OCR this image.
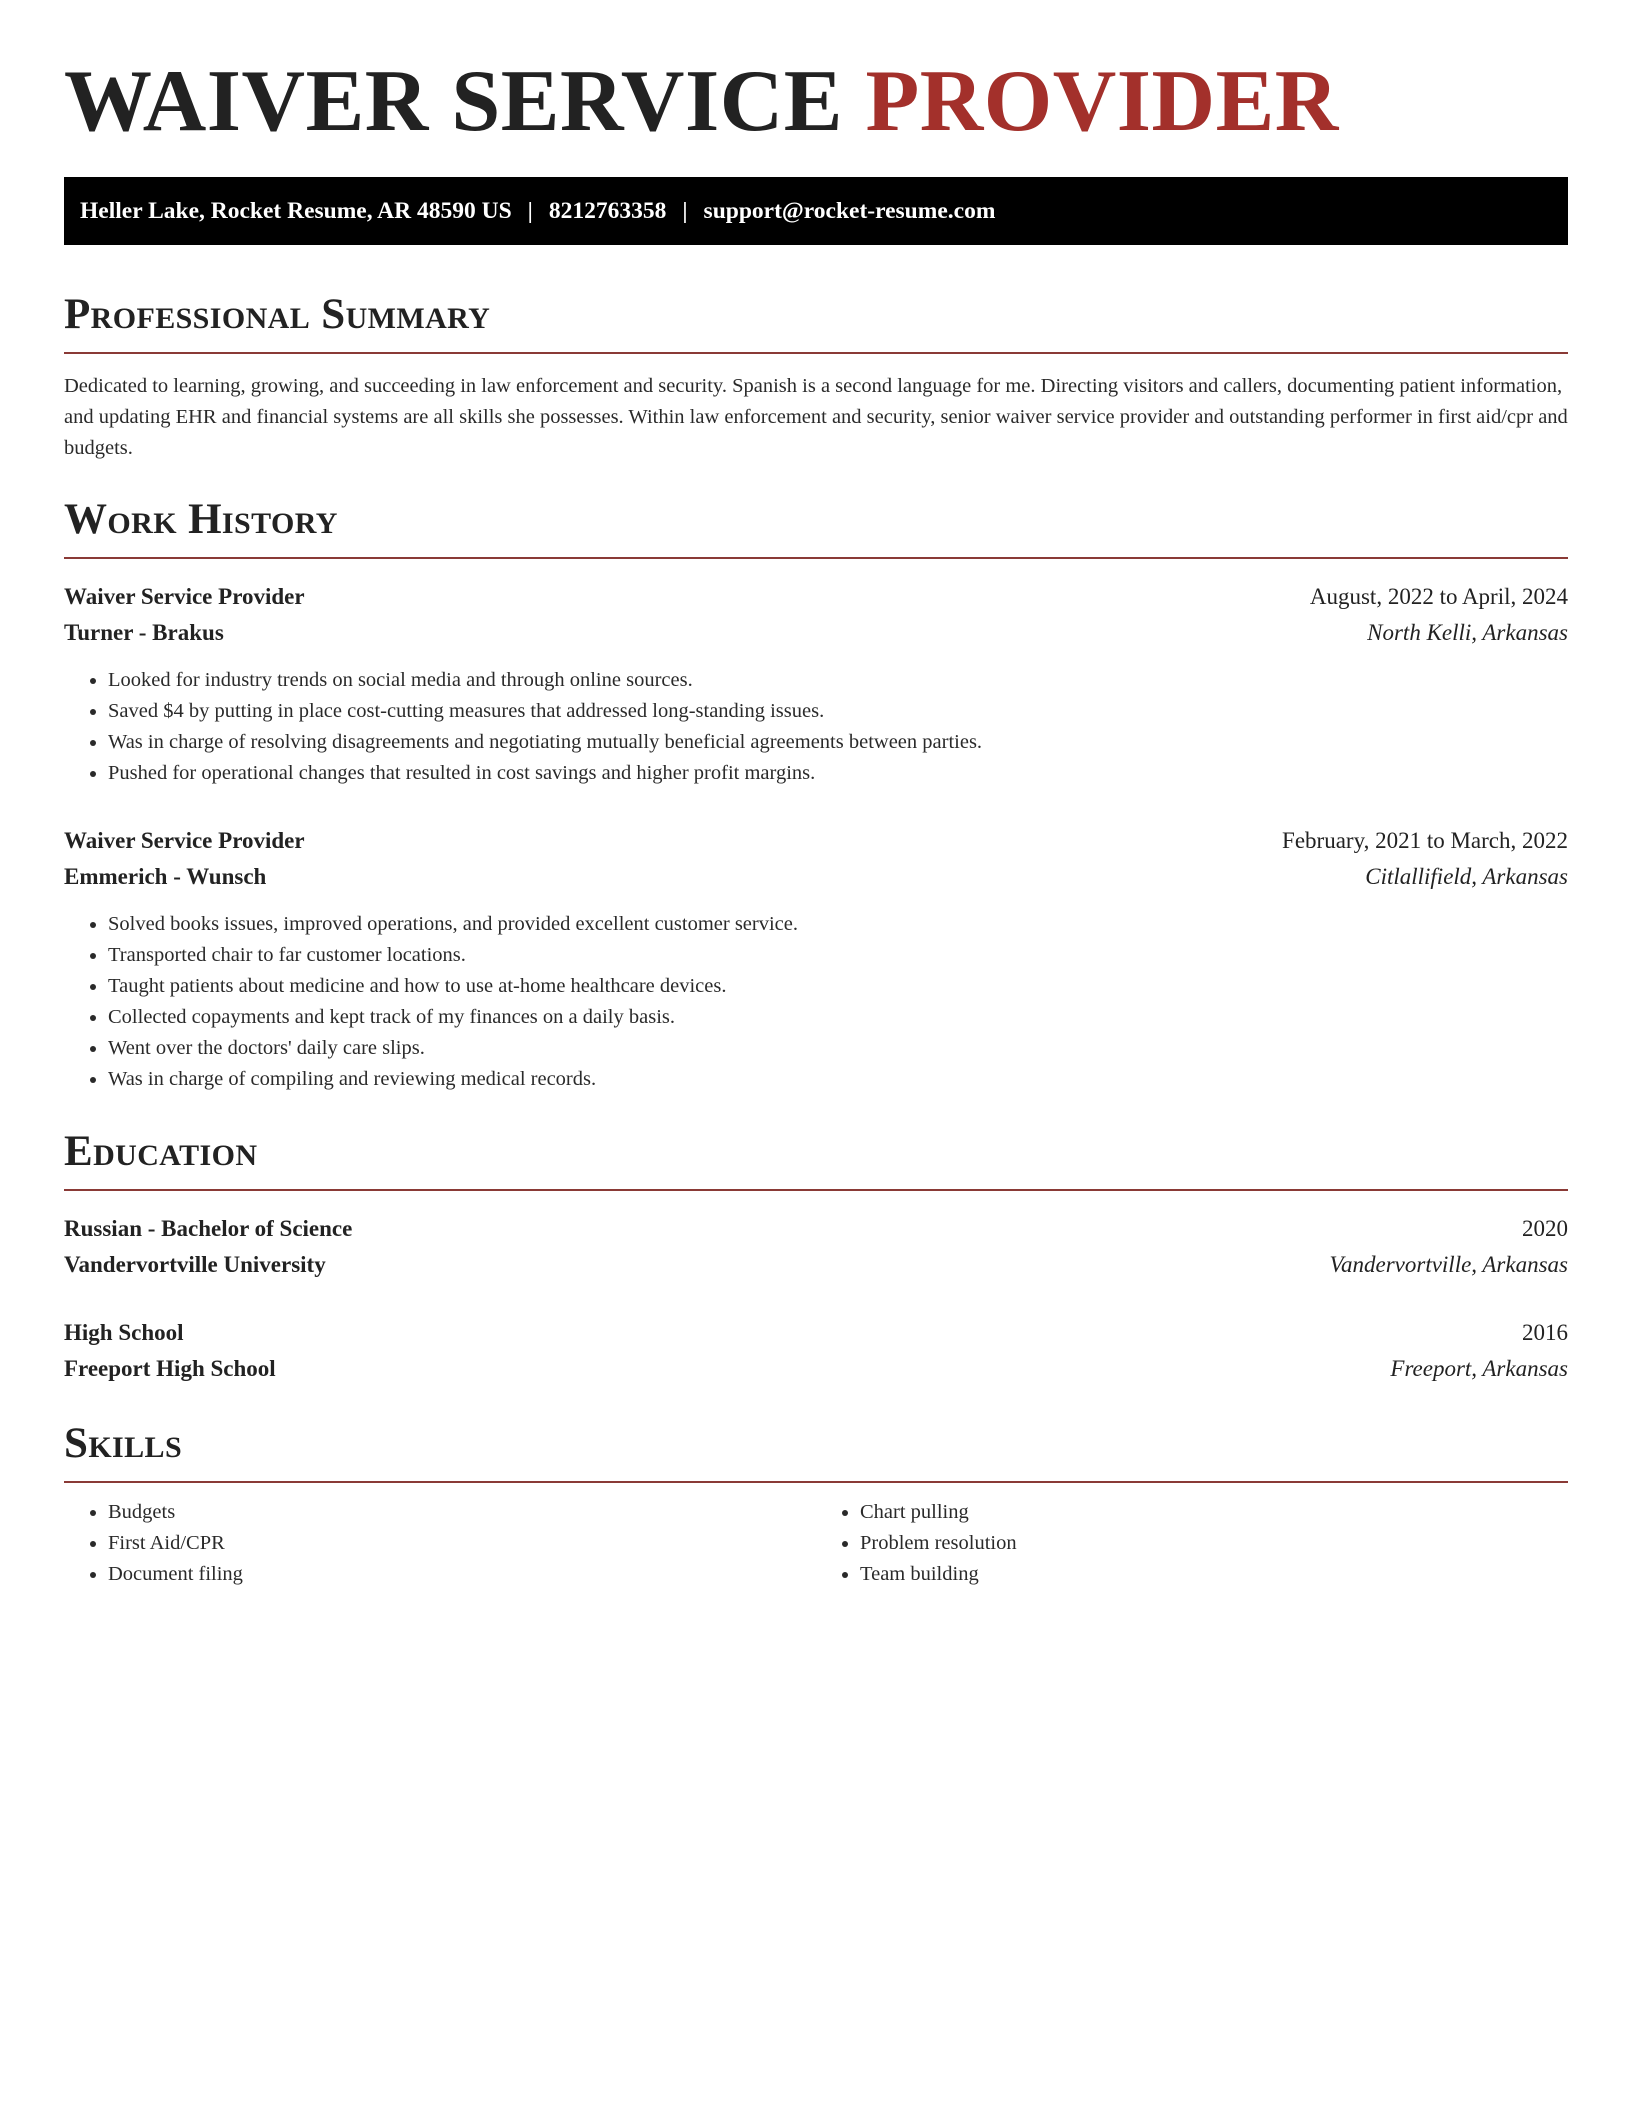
WAIVER SERVICE PROVIDER
Heller Lake, Rocket Resume, AR 48590 US | 8212763358 | support@rocket-resume.com
Professional Summary

Dedicated to learning, growing, and succeeding in law enforcement and security. Spanish is a second language for me. Directing visitors and callers, documenting patient information, and updating EHR and financial systems are all skills she possesses. Within law enforcement and security, senior waiver service provider and outstanding performer in first aid/cpr and budgets.

Work History
Waiver Service Provider	August, 2022 to April, 2024
Turner - Brakus	North Kelli, Arkansas
• Looked for industry trends on social media and through online sources.
• Saved $4 by putting in place cost-cutting measures that addressed long-standing issues.
• Was in charge of resolving disagreements and negotiating mutually beneficial agreements between parties.
• Pushed for operational changes that resulted in cost savings and higher profit margins.
Waiver Service Provider	February, 2021 to March, 2022
Emmerich - Wunsch	Citlallifield, Arkansas
• Solved books issues, improved operations, and provided excellent customer service.
• Transported chair to far customer locations.
• Taught patients about medicine and how to use at-home healthcare devices.
• Collected copayments and kept track of my finances on a daily basis.
• Went over the doctors' daily care slips.
• Was in charge of compiling and reviewing medical records.
Education
Russian - Bachelor of Science	2020
Vandervortville University	Vandervortville, Arkansas
High School	2016
Freeport High School	Freeport, Arkansas
Skills
• Budgets
• First Aid/CPR
• Document filing
• Chart pulling
• Problem resolution
• Team building
